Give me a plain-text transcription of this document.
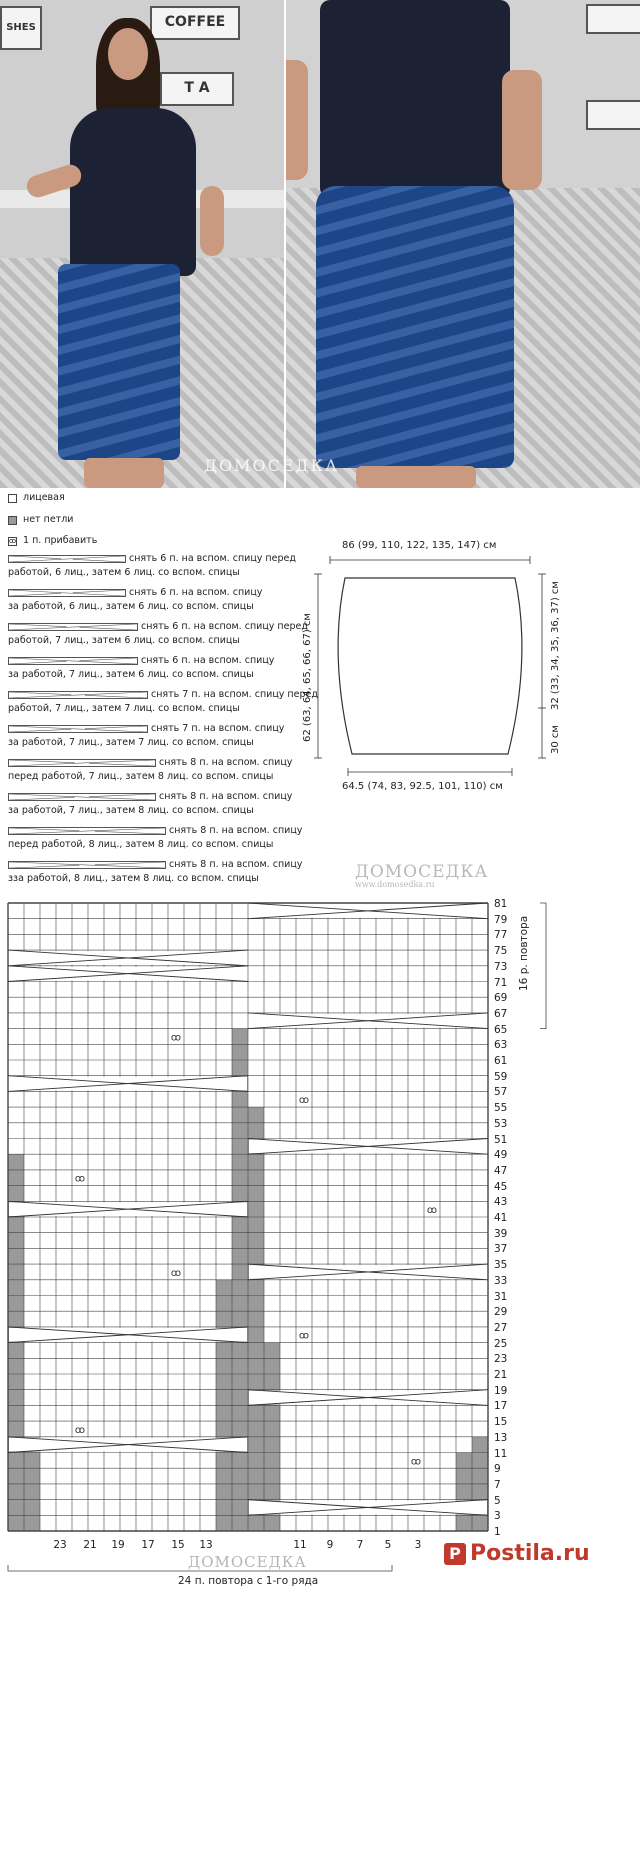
SHES	COFFEE
T A
ДОМОСЕДКА
лицевая
нет петли
ꝏ 1 п. прибавить
снять 6 п. на вспом. спицу перед
работой, 6 лиц., затем 6 лиц. со вспом. спицы
снять 6 п. на вспом. спицу
за работой, 6 лиц., затем 6 лиц. со вспом. спицы
снять 6 п. на вспом. спицу перед
работой, 7 лиц., затем 6 лиц. со вспом. спицы
снять 6 п. на вспом. спицу
за работой, 7 лиц., затем 6 лиц. со вспом. спицы
снять 7 п. на вспом. спицу перед
работой, 7 лиц., затем 7 лиц. со вспом. спицы
снять 7 п. на вспом. спицу
за работой, 7 лиц., затем 7 лиц. со вспом. спицы
снять 8 п. на вспом. спицу
перед работой, 7 лиц., затем 8 лиц. со вспом. спицы
снять 8 п. на вспом. спицу
за работой, 7 лиц., затем 8 лиц. со вспом. спицы
снять 8 п. на вспом. спицу
перед работой, 8 лиц., затем 8 лиц. со вспом. спицы
снять 8 п. на вспом. спицу
зза работой, 8 лиц., затем 8 лиц. со вспом. спицы
86 (99, 110, 122, 135, 147) см
64.5 (74, 83, 92.5, 101, 110) см
62 (63, 64, 65, 66, 67) см	32 (33, 34, 35, 36, 37) см
30 см
ДОМОСЕДКА
www.domosedka.ru
ꝏ
ꝏ
ꝏ
ꝏ
ꝏ
ꝏ
ꝏ
ꝏ
81
79
77
75
73
71
69
67
65
63
61
59
57
55
53
51
49
47
45
43
41
39
37
35
33
31
29
27
25
23
21
19
17
15
13
11
9
7
5
3
1
23	21	19	17	15	13	11	9	7	5	3
16 р. повтора
ДОМОСЕДКА	P Postila.ru
24 п. повтора с 1-го ряда
